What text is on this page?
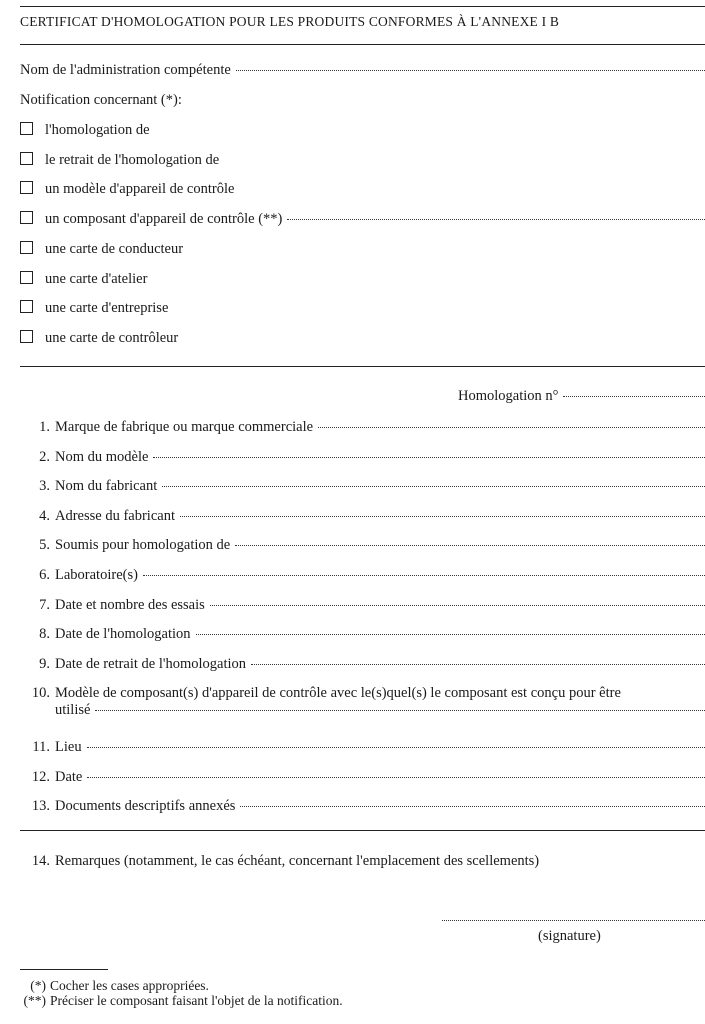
CERTIFICAT D'HOMOLOGATION POUR LES PRODUITS CONFORMES À L'ANNEXE I B
Nom de l'administration compétente
Notification concernant (*):
l'homologation de
le retrait de l'homologation de
un modèle d'appareil de contrôle
un composant d'appareil de contrôle (**)
une carte de conducteur
une carte d'atelier
une carte d'entreprise
une carte de contrôleur
Homologation n°
1. Marque de fabrique ou marque commerciale
2. Nom du modèle
3. Nom du fabricant
4. Adresse du fabricant
5. Soumis pour homologation de
6. Laboratoire(s)
7. Date et nombre des essais
8. Date de l'homologation
9. Date de retrait de l'homologation
10. Modèle de composant(s) d'appareil de contrôle avec le(s)quel(s) le composant est conçu pour être
utilisé
11. Lieu
12. Date
13. Documents descriptifs annexés
14. Remarques (notamment, le cas échéant, concernant l'emplacement des scellements)
(signature)
(*) Cocher les cases appropriées.
(**) Préciser le composant faisant l'objet de la notification.
